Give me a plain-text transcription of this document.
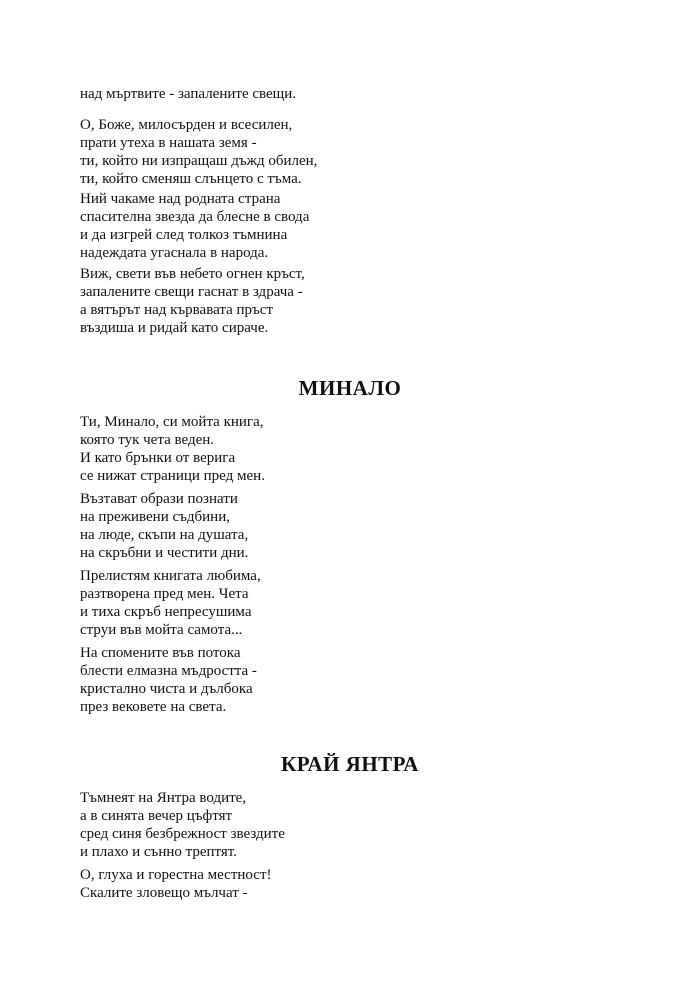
над мъртвите - запалените свещи.
О, Боже, милосърден и всесилен,
прати утеха в нашата земя -
ти, който ни изпращаш дъжд обилен,
ти, който сменяш слънцето с тъма.
Ний чакаме над родната страна
спасителна звезда да блесне в свода
и да изгрей след толкоз тъмнина
надеждата угаснала в народа.
Виж, свети във небето огнен кръст,
запалените свещи гаснат в здрача -
а вятърът над кървавата пръст
въздиша и ридай като сираче.
МИНАЛО
Ти, Минало, си мойта книга,
която тук чета веден.
И като брънки от верига
се нижат страници пред мен.
Възтават образи познати
на преживени съдбини,
на люде, скъпи на душата,
на скръбни и честити дни.
Прелистям книгата любима,
разтворена пред мен. Чета
и тиха скръб непресушима
струи във мойта самота...
На спомените във потока
блести елмазна мъдростта -
кристално чиста и дълбока
през вековете на света.
КРАЙ ЯНТРА
Тъмнеят на Янтра водите,
а в синята вечер цъфтят
сред синя безбрежност звездите
и плахо и сънно трептят.
О, глуха и горестна местност!
Скалите зловещо мълчат -
